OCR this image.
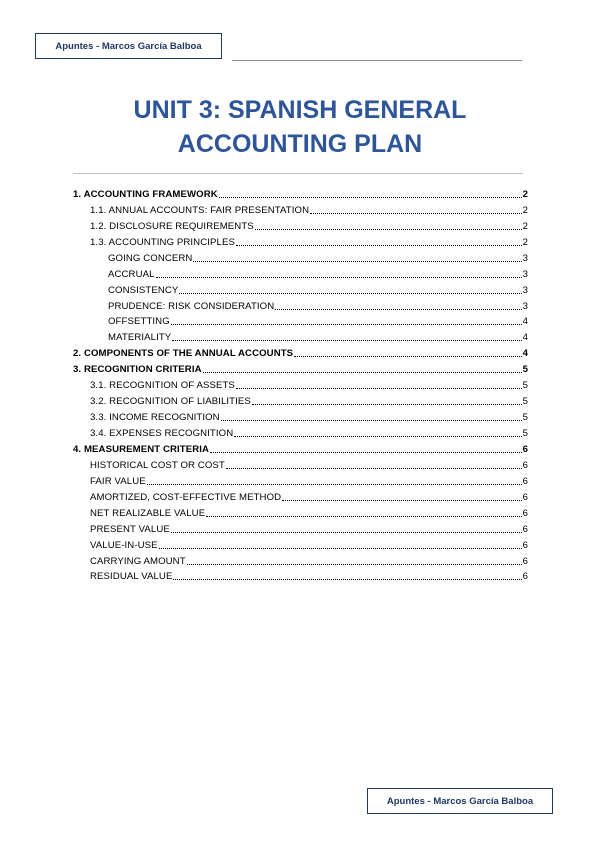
Apuntes - Marcos García Balboa
UNIT 3: SPANISH GENERAL
ACCOUNTING PLAN
1. ACCOUNTING FRAMEWORK	2
1.1. ANNUAL ACCOUNTS: FAIR PRESENTATION	2
1.2. DISCLOSURE REQUIREMENTS	2
1.3. ACCOUNTING PRINCIPLES	2
GOING CONCERN	3
ACCRUAL	3
CONSISTENCY	3
PRUDENCE: RISK CONSIDERATION	3
OFFSETTING	4
MATERIALITY	4
2. COMPONENTS OF THE ANNUAL ACCOUNTS	4
3. RECOGNITION CRITERIA	5
3.1. RECOGNITION OF ASSETS	5
3.2. RECOGNITION OF LIABILITIES	5
3.3. INCOME RECOGNITION	5
3.4. EXPENSES RECOGNITION	5
4. MEASUREMENT CRITERIA	6
HISTORICAL COST OR COST	6
FAIR VALUE	6
AMORTIZED, COST-EFFECTIVE METHOD	6
NET REALIZABLE VALUE	6
PRESENT VALUE	6
VALUE-IN-USE	6
CARRYING AMOUNT	6
RESIDUAL VALUE	6
Apuntes - Marcos García Balboa
